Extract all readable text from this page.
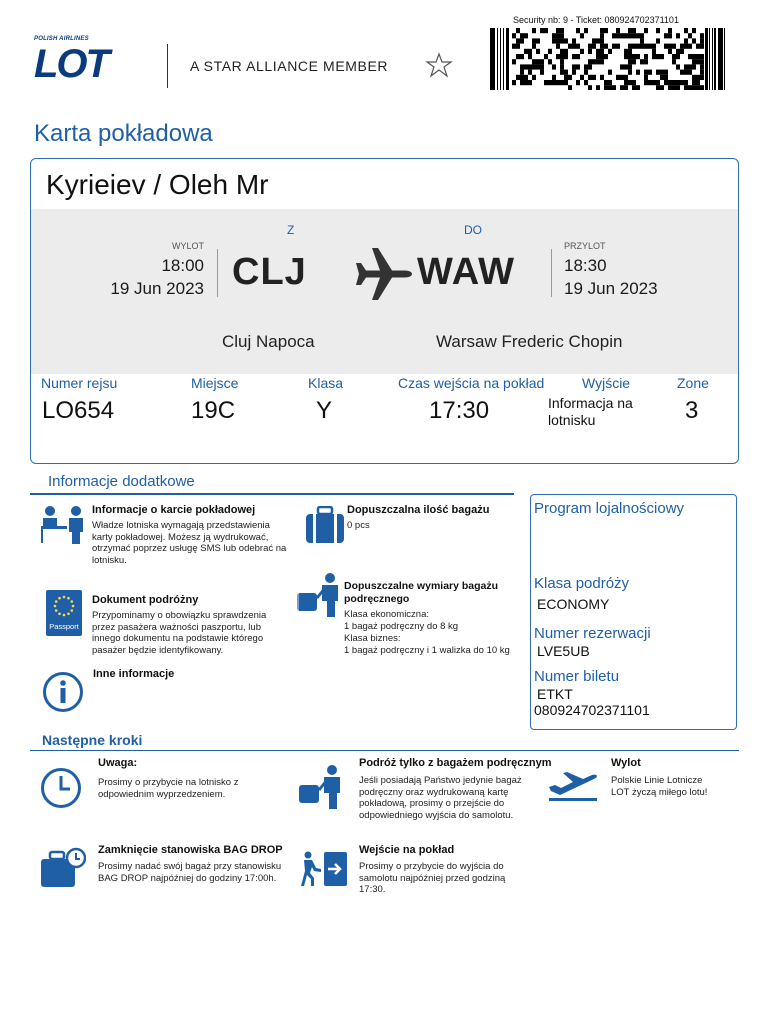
POLISH AIRLINES
LOT	A STAR ALLIANCE MEMBER
Security nb: 9 - Ticket: 080924702371101
Karta pokładowa
Kyrieiev / Oleh Mr
Z	DO
WYLOT
18:00
19 Jun 2023 CLJ	WAW
PRZYLOT
18:30
19 Jun 2023
Cluj Napoca	Warsaw Frederic Chopin
Numer rejsu
LO654
Miejsce
19C
Klasa
Y
Czas wejścia na pokład
17:30
Wyjście
Informacja na lotnisku
Zone
3
Informacje dodatkowe
Informacje o karcie pokładowej
Władze lotniska wymagają przedstawienia karty pokładowej. Możesz ją wydrukować, otrzymać poprzez usługę SMS lub odebrać na lotnisku.
Dopuszczalna ilość bagażu
0 pcs
Passport
Dokument podróżny
Przypominamy o obowiązku sprawdzenia przez pasażera ważności paszportu, lub innego dokumentu na podstawie którego pasażer będzie identyfikowany.
Dopuszczalne wymiary bagażu podręcznego
Klasa ekonomiczna:
1 bagaż podręczny do 8 kg
Klasa biznes:
1 bagaż podręczny i 1 walizka do 10 kg
Inne informacje
Program lojalnościowy
Klasa podróży
ECONOMY
Numer rezerwacji
LVE5UB
Numer biletu
ETKT
080924702371101
Następne kroki
Uwaga:
Prosimy o przybycie na lotnisko z odpowiednim wyprzedzeniem.
Podróż tylko z bagażem podręcznym
Jeśli posiadają Państwo jedynie bagaż podręczny oraz wydrukowaną kartę pokładową, prosimy o przejście do odpowiedniego wyjścia do samolotu.
Wylot
Polskie Linie Lotnicze LOT życzą miłego lotu!
Zamknięcie stanowiska BAG DROP
Prosimy nadać swój bagaż przy stanowisku BAG DROP najpóźniej do godziny 17:00h.
Wejście na pokład
Prosimy o przybycie do wyjścia do samolotu najpóźniej przed godziną 17:30.
